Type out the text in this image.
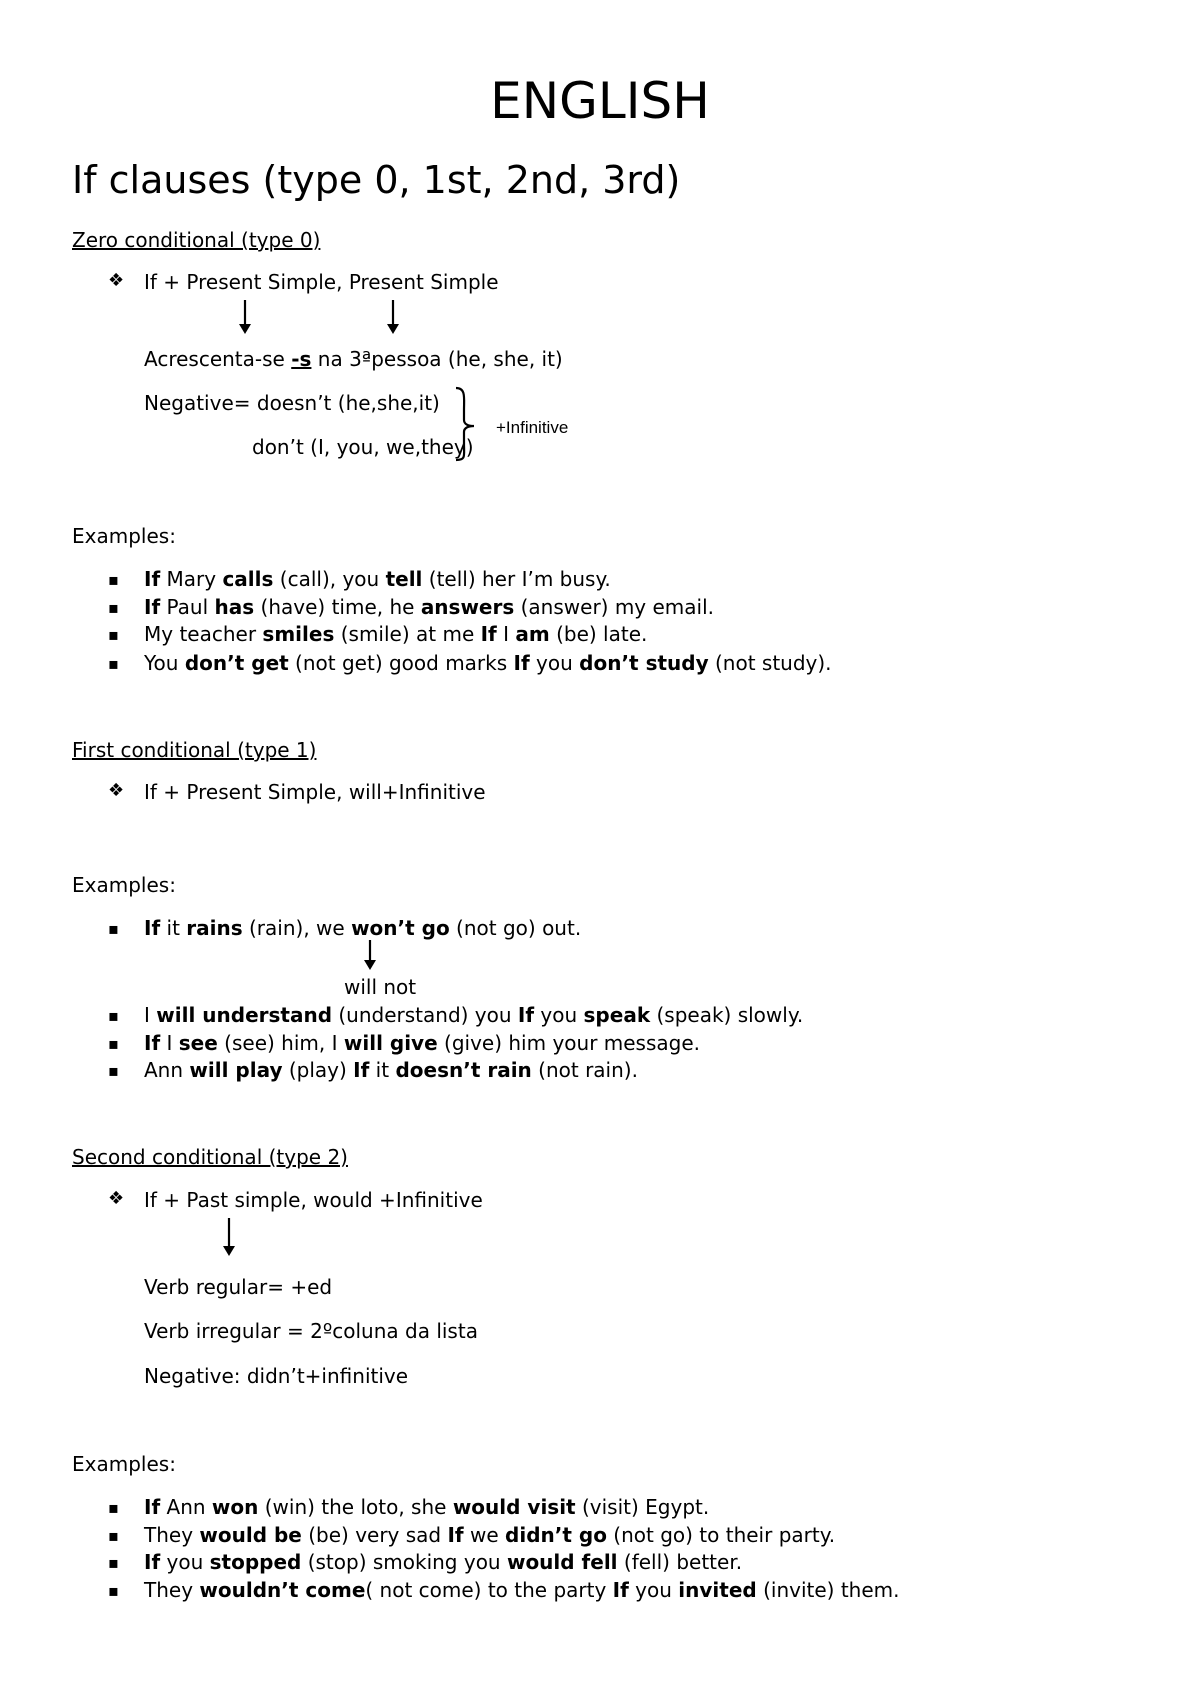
ENGLISH
If clauses (type 0, 1st, 2nd, 3rd)
Zero conditional (type 0)
❖ If + Present Simple, Present Simple
Acrescenta-se -s na 3ªpessoa (he, she, it)
Negative= doesn’t (he,she,it)
don’t (I, you, we,they)
+Infinitive
Examples:
▪ If Mary calls (call), you tell (tell) her I’m busy.
▪ If Paul has (have) time, he answers (answer) my email.
▪ My teacher smiles (smile) at me If I am (be) late.
▪ You don’t get (not get) good marks If you don’t study (not study).
First conditional (type 1)
❖ If + Present Simple, will+Infinitive
Examples:
▪ If it rains (rain), we won’t go (not go) out.
will not
▪ I will understand (understand) you If you speak (speak) slowly.
▪ If I see (see) him, I will give (give) him your message.
▪ Ann will play (play) If it doesn’t rain (not rain).
Second conditional (type 2)
❖ If + Past simple, would +Infinitive
Verb regular= +ed
Verb irregular = 2ºcoluna da lista
Negative: didn’t+infinitive
Examples:
▪ If Ann won (win) the loto, she would visit (visit) Egypt.
▪ They would be (be) very sad If we didn’t go (not go) to their party.
▪ If you stopped (stop) smoking you would fell (fell) better.
▪ They wouldn’t come( not come) to the party If you invited (invite) them.
